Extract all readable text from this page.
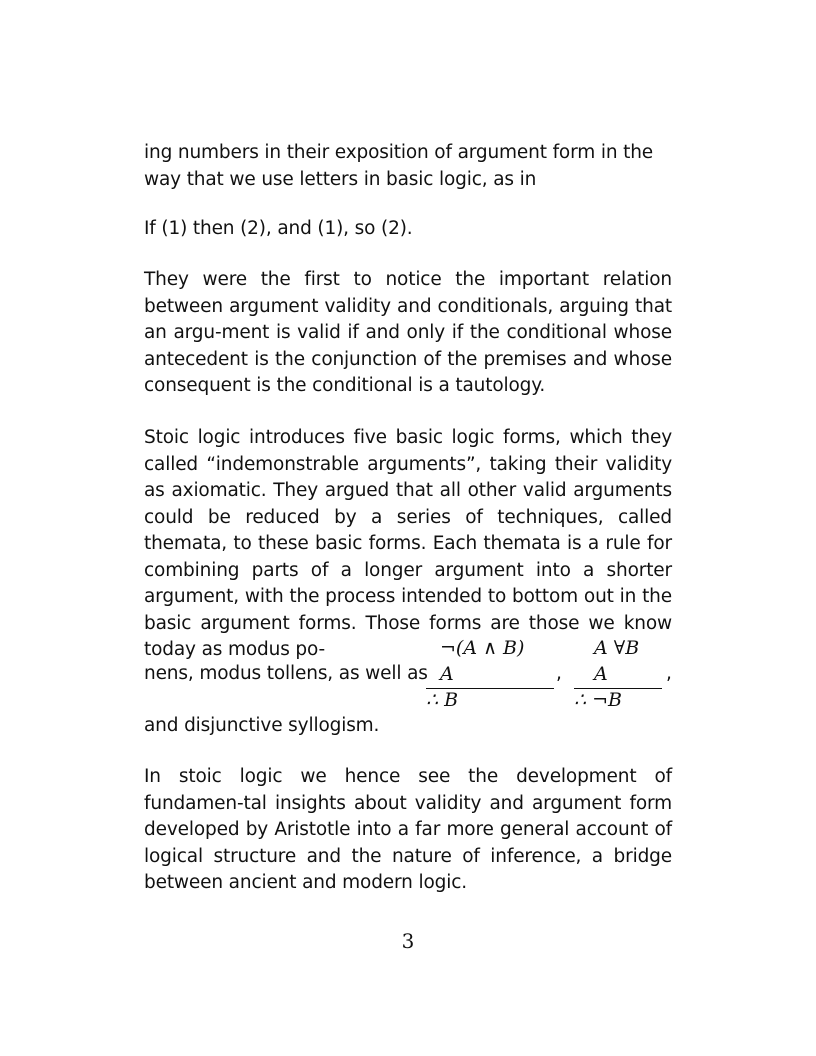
ing numbers in their exposition of argument form in the way that we use letters in basic logic, as in
If (1) then (2), and (1), so (2).
They were the first to notice the important relation between argument validity and conditionals, arguing that an argu-ment is valid if and only if the conditional whose antecedent is the conjunction of the premises and whose consequent is the conditional is a tautology.
Stoic logic introduces five basic logic forms, which they called “indemonstrable arguments”, taking their validity as axiomatic. They argued that all other valid arguments could be reduced by a series of techniques, called themata, to these basic forms. Each themata is a rule for combining parts of a longer argument into a shorter argument, with the process intended to bottom out in the basic argument forms. Those forms are those we know today as modus po-
nens, modus tollens, as well as
¬(A ∧ B)
A
∴ B
,
A ∀B
A
∴ ¬B
,
and disjunctive syllogism.
In stoic logic we hence see the development of fundamen-tal insights about validity and argument form developed by Aristotle into a far more general account of logical structure and the nature of inference, a bridge between ancient and modern logic.
3
